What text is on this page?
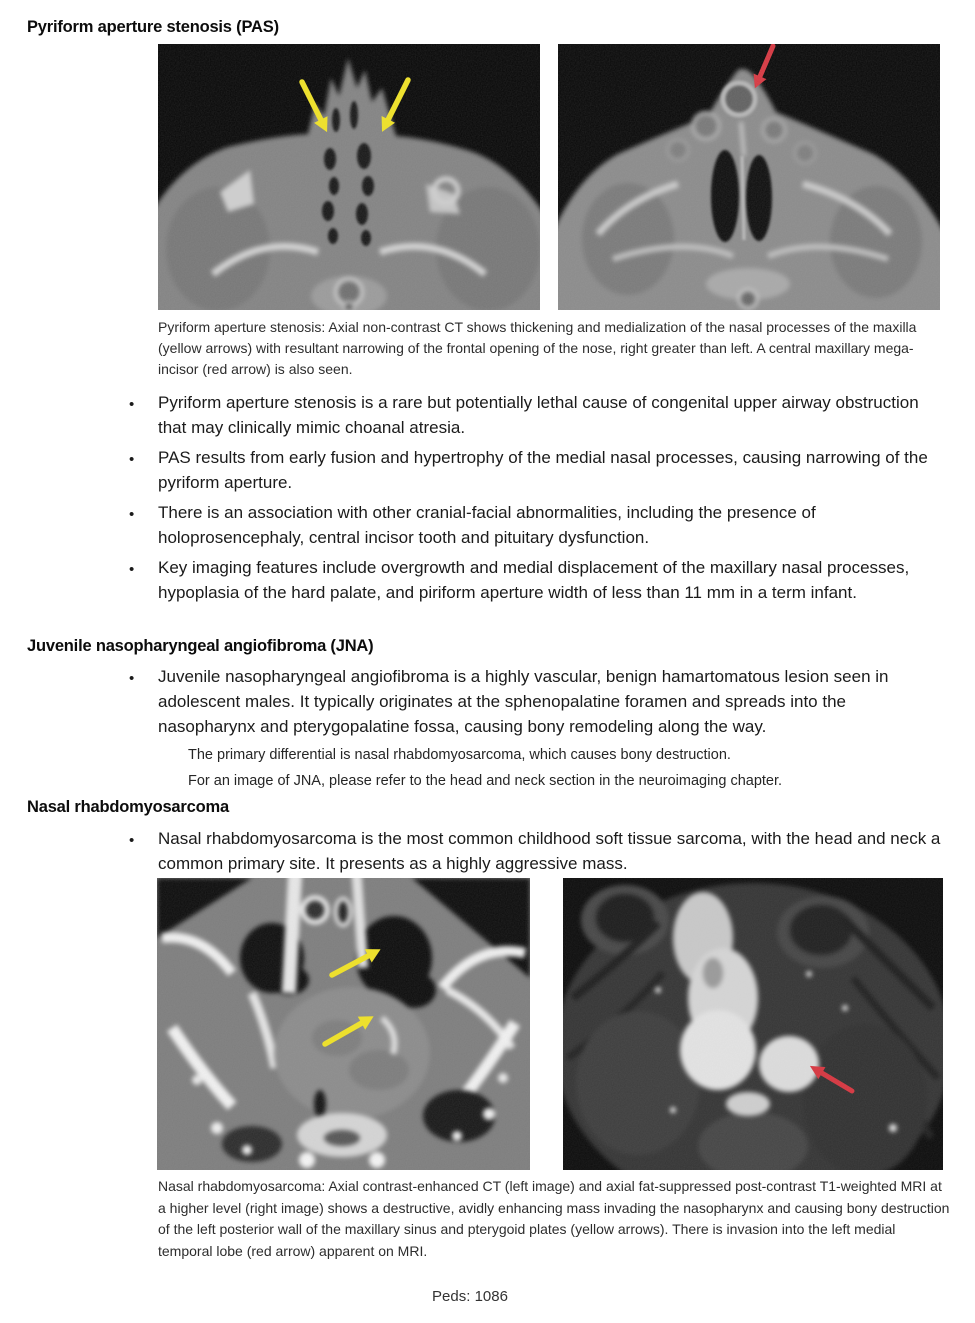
Pyriform aperture stenosis (PAS)

Pyriform aperture stenosis: Axial non-contrast CT shows thickening and medialization of the nasal processes of the maxilla (yellow arrows) with resultant narrowing of the frontal opening of the nose, right greater than left. A central maxillary mega-incisor (red arrow) is also seen.

•
Pyriform aperture stenosis is a rare but potentially lethal cause of congenital upper airway obstruction that may clinically mimic choanal atresia.
•
PAS results from early fusion and hypertrophy of the medial nasal processes, causing narrowing of the pyriform aperture.
•
There is an association with other cranial-facial abnormalities, including the presence of holoprosencephaly, central incisor tooth and pituitary dysfunction.
•
Key imaging features include overgrowth and medial displacement of the maxillary nasal processes, hypoplasia of the hard palate, and piriform aperture width of less than 11 mm in a term infant.
Juvenile nasopharyngeal angiofibroma (JNA)
•
Juvenile nasopharyngeal angiofibroma is a highly vascular, benign hamartomatous lesion seen in adolescent males. It typically originates at the sphenopalatine foramen and spreads into the nasopharynx and pterygopalatine fossa, causing bony remodeling along the way.

The primary differential is nasal rhabdomyosarcoma, which causes bony destruction.

For an image of JNA, please refer to the head and neck section in the neuroimaging chapter.

Nasal rhabdomyosarcoma
•
Nasal rhabdomyosarcoma is the most common childhood soft tissue sarcoma, with the head and neck a common primary site. It presents as a highly aggressive mass.

Nasal rhabdomyosarcoma: Axial contrast-enhanced CT (left image) and axial fat-suppressed post-contrast T1-weighted MRI at a higher level (right image) shows a destructive, avidly enhancing mass invading the nasopharynx and causing bony destruction of the left posterior wall of the maxillary sinus and pterygoid plates (yellow arrows). There is invasion into the left medial temporal lobe (red arrow) apparent on MRI.

Peds: 1086
